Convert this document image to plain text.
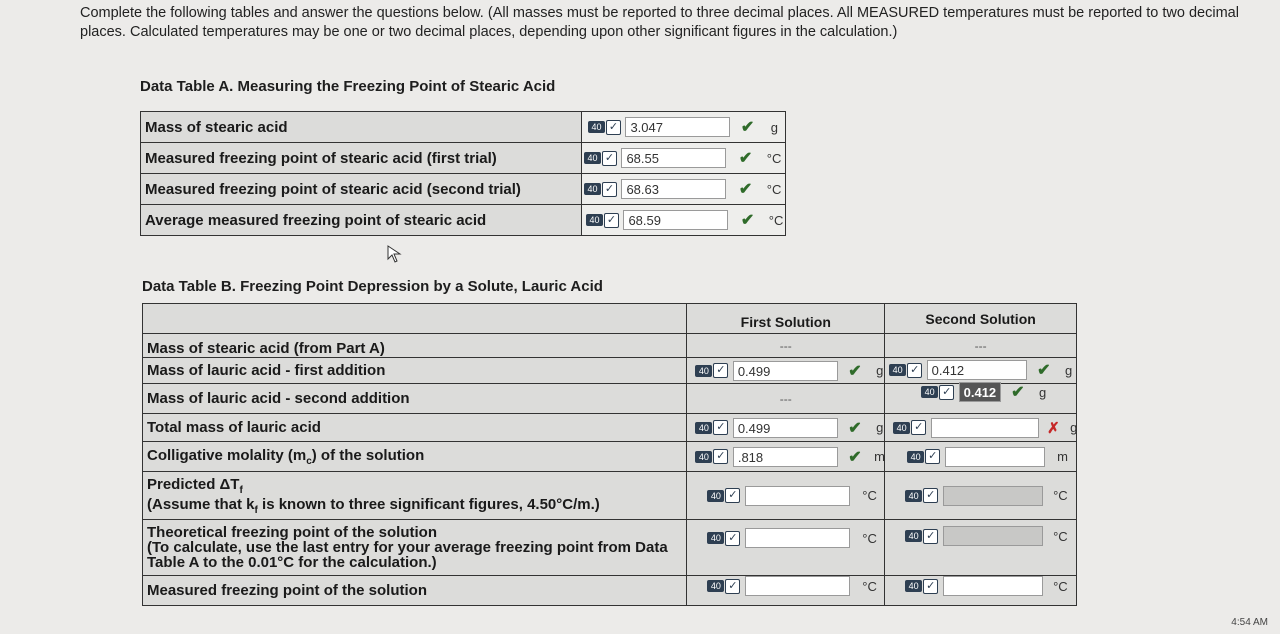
Complete the following tables and answer the questions below. (All masses must be reported to three decimal places. All MEASURED temperatures must be reported to two decimal places. Calculated temperatures may be one or two decimal places, depending upon other significant figures in the calculation.)
Data Table A. Measuring the Freezing Point of Stearic Acid
Mass of stearic acid	40 ✓ 3.047 ✔ g

Measured freezing point of stearic acid (first trial)	40 ✓ 68.55 ✔ °C

Measured freezing point of stearic acid (second trial)	40 ✓ 68.63 ✔ °C

Average measured freezing point of stearic acid	40 ✓ 68.59 ✔ °C
Data Table B. Freezing Point Depression by a Solute, Lauric Acid
	First Solution	Second Solution
Mass of stearic acid (from Part A)	---	---
Mass of lauric acid - first addition	40 ✓ 0.499 ✔ g	40 ✓ 0.412 ✔ g

Mass of lauric acid - second addition	---	40 ✓ 0.412 ✔ g

Total mass of lauric acid	40 ✓ 0.499 ✔ g	40 ✓ ✗ g

Colligative molality $(m_c)$ of the solution	40 ✓ .818 ✔ m	40 ✓ m

Predicted $\Delta T_f$
(Assume that $k_f$ is known to three significant figures, 4.50°C/m.)	40 ✓ °C	40 ✓ °C

Theoretical freezing point of the solution
(To calculate, use the last entry for your average freezing point from Data Table A to the 0.01°C for the calculation.)	40 ✓ °C	40 ✓ °C

Measured freezing point of the solution	40 ✓ °C	40 ✓ °C
4:54 AM
